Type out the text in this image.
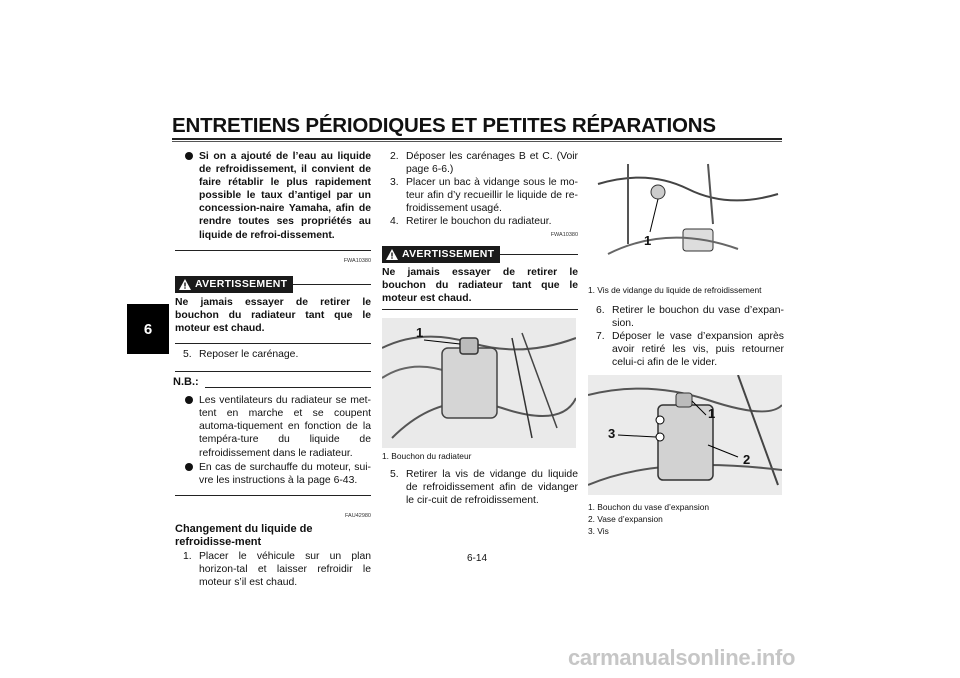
ENTRETIENS PÉRIODIQUES ET PETITES RÉPARATIONS
6
Si on a ajouté de l’eau au liquide de refroidissement, il convient de faire rétablir le plus rapidement possible le taux d’antigel par un concession-naire Yamaha, afin de rendre toutes ses propriétés au liquide de refroi-dissement.
FWA10380
AVERTISSEMENT
Ne jamais essayer de retirer le bouchon du radiateur tant que le moteur est chaud.
5. Reposer le carénage.
N.B.:
Les ventilateurs du radiateur se met-tent en marche et se coupent automa-tiquement en fonction de la tempéra-ture du liquide de refroidissement dans le radiateur.
En cas de surchauffe du moteur, sui-vre les instructions à la page 6-43.
FAU42980
Changement du liquide de refroidisse-ment
1. Placer le véhicule sur un plan horizon-tal et laisser refroidir le moteur s’il est chaud.
2. Déposer les carénages B et C. (Voir page 6-6.)
3. Placer un bac à vidange sous le mo-teur afin d’y recueillir le liquide de re-froidissement usagé.
4. Retirer le bouchon du radiateur.
FWA10380
AVERTISSEMENT
Ne jamais essayer de retirer le bouchon du radiateur tant que le moteur est chaud.
1
1. Bouchon du radiateur
5. Retirer la vis de vidange du liquide de refroidissement afin de vidanger le cir-cuit de refroidissement.
1
1. Vis de vidange du liquide de refroidissement
6. Retirer le bouchon du vase d’expan-sion.
7. Déposer le vase d’expansion après avoir retiré les vis, puis retourner celui-ci afin de le vider.
1
2
3
1. Bouchon du vase d’expansion
2. Vase d’expansion
3. Vis
6-14
carmanualsonline.info
